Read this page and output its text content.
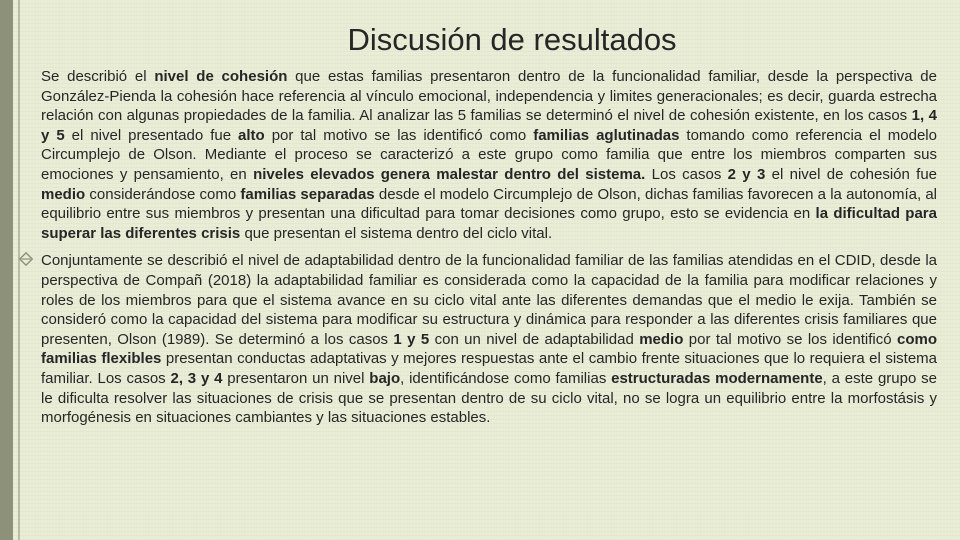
Discusión de resultados

Se describió el nivel de cohesión que estas familias presentaron dentro de la funcionalidad familiar, desde la perspectiva de González-Pienda la cohesión hace referencia al vínculo emocional, independencia y limites generacionales; es decir, guarda estrecha relación con algunas propiedades de la familia. Al analizar las 5 familias se determinó el nivel de cohesión existente, en los casos 1, 4 y 5 el nivel presentado fue alto por tal motivo se las identificó como familias aglutinadas tomando como referencia el modelo Circumplejo de Olson. Mediante el proceso se caracterizó a este grupo como familia que entre los miembros comparten sus emociones y pensamiento, en niveles elevados genera malestar dentro del sistema. Los casos 2 y 3 el nivel de cohesión fue medio considerándose como familias separadas desde el modelo Circumplejo de Olson, dichas familias favorecen a la autonomía, al equilibrio entre sus miembros y presentan una dificultad para tomar decisiones como grupo, esto se evidencia en la dificultad para superar las diferentes crisis que presentan el sistema dentro del ciclo vital.

Conjuntamente se describió el nivel de adaptabilidad dentro de la funcionalidad familiar de las familias atendidas en el CDID, desde la perspectiva de Compañ (2018) la adaptabilidad familiar es considerada como la capacidad de la familia para modificar relaciones y roles de los miembros para que el sistema avance en su ciclo vital ante las diferentes demandas que el medio le exija. También se consideró como la capacidad del sistema para modificar su estructura y dinámica para responder a las diferentes crisis familiares que presenten, Olson (1989). Se determinó a los casos 1 y 5 con un nivel de adaptabilidad medio por tal motivo se los identificó como familias flexibles presentan conductas adaptativas y mejores respuestas ante el cambio frente situaciones que lo requiera el sistema familiar. Los casos 2, 3 y 4 presentaron un nivel bajo, identificándose como familias estructuradas modernamente, a este grupo se le dificulta resolver las situaciones de crisis que se presentan dentro de su ciclo vital, no se logra un equilibrio entre la morfostásis y morfogénesis en situaciones cambiantes y las situaciones estables.
